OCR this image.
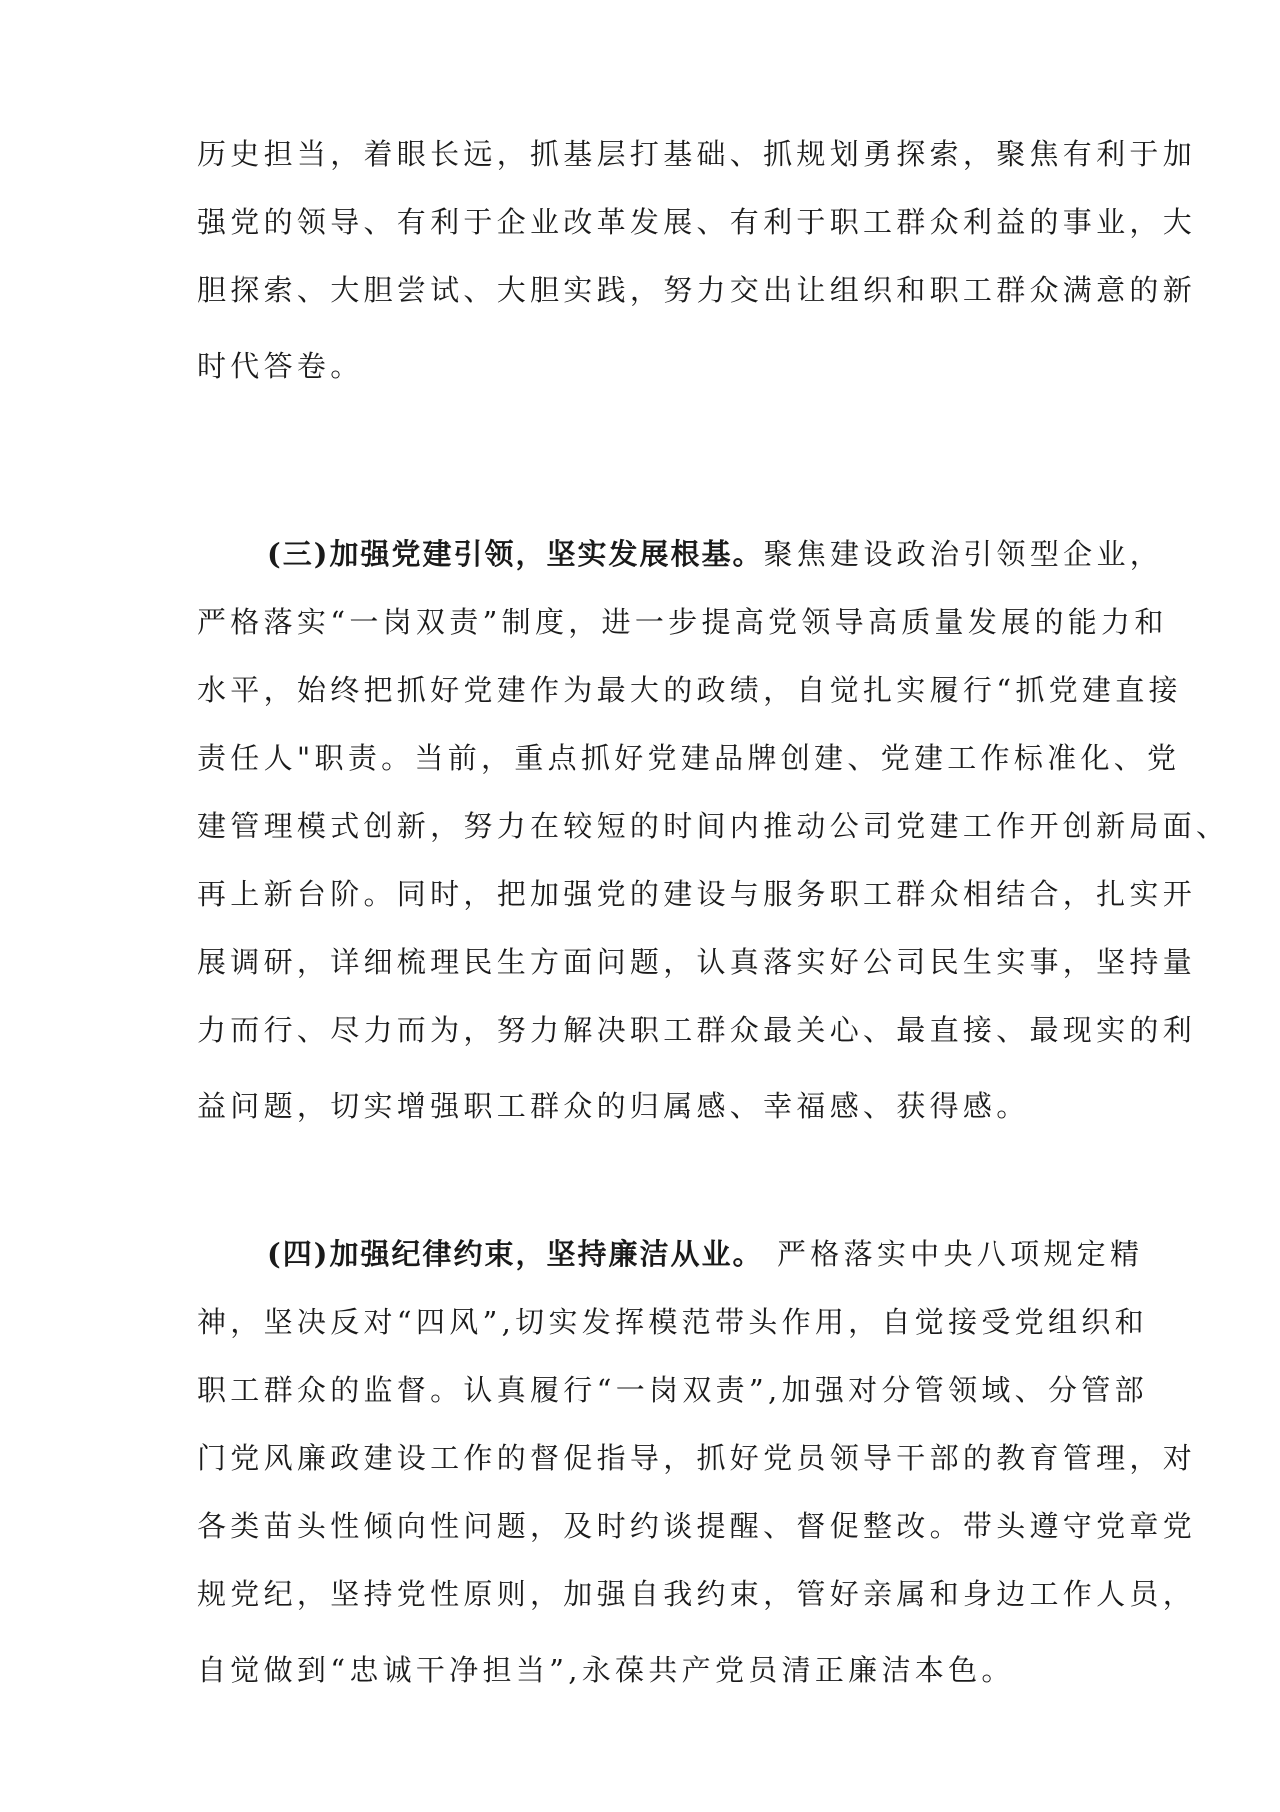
历史担当，着眼长远，抓基层打基础、抓规划勇探索，聚焦有利于加
强党的领导、有利于企业改革发展、有利于职工群众利益的事业，大
胆探索、大胆尝试、大胆实践，努力交出让组织和职工群众满意的新
时代答卷。
(三)加强党建引领，坚实发展根基。聚焦建设政治引领型企业，
严格落实“一岗双责”制度，进一步提高党领导高质量发展的能力和
水平，始终把抓好党建作为最大的政绩，自觉扎实履行“抓党建直接
责任人"职责。当前，重点抓好党建品牌创建、党建工作标准化、党
建管理模式创新，努力在较短的时间内推动公司党建工作开创新局面、
再上新台阶。同时，把加强党的建设与服务职工群众相结合，扎实开
展调研，详细梳理民生方面问题，认真落实好公司民生实事，坚持量
力而行、尽力而为，努力解决职工群众最关心、最直接、最现实的利
益问题，切实增强职工群众的归属感、幸福感、获得感。
(四)加强纪律约束，坚持廉洁从业。 严格落实中央八项规定精
神，坚决反对“四风”,切实发挥模范带头作用，自觉接受党组织和
职工群众的监督。认真履行“一岗双责”,加强对分管领域、分管部
门党风廉政建设工作的督促指导，抓好党员领导干部的教育管理，对
各类苗头性倾向性问题，及时约谈提醒、督促整改。带头遵守党章党
规党纪，坚持党性原则，加强自我约束，管好亲属和身边工作人员，
自觉做到“忠诚干净担当”,永葆共产党员清正廉洁本色。
